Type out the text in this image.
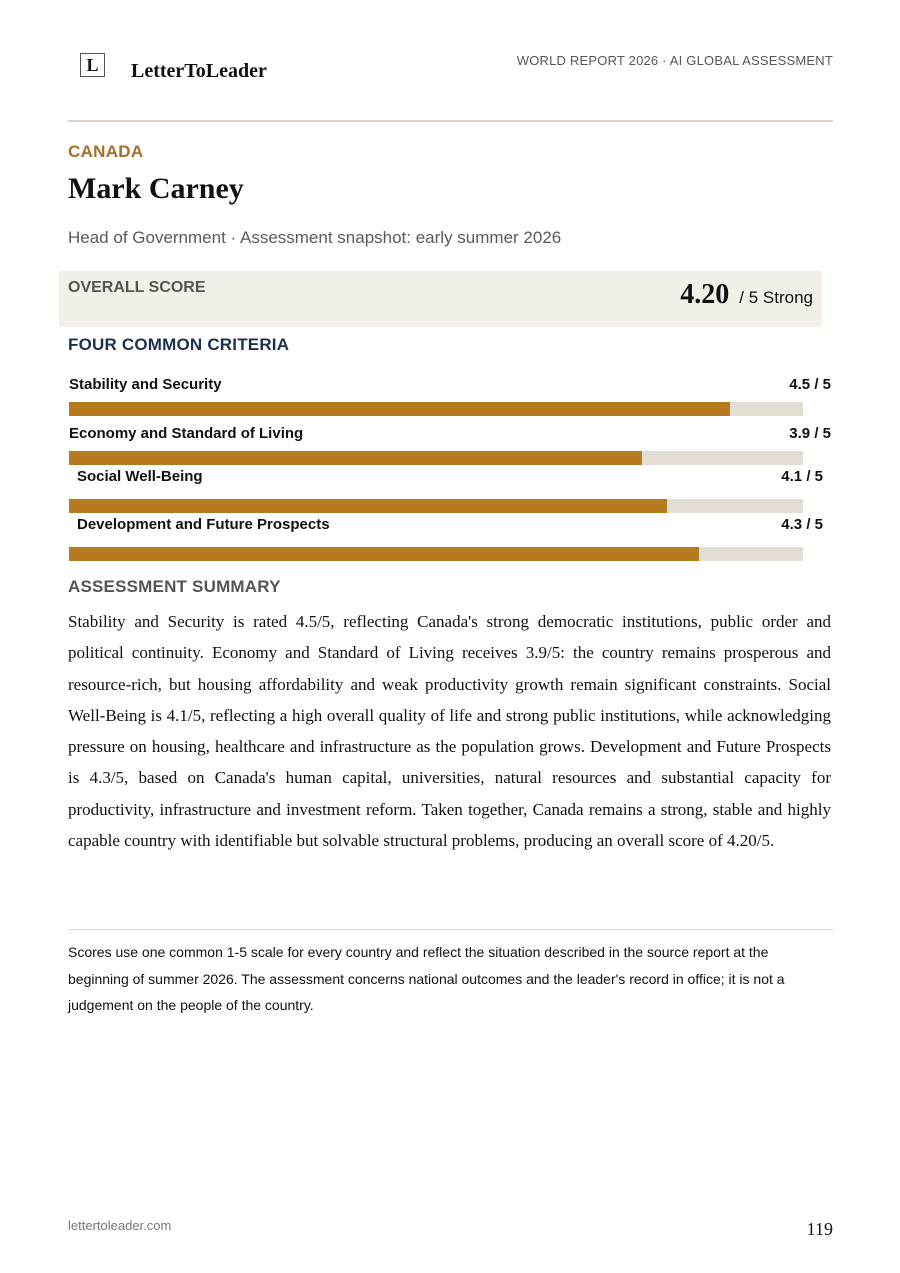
L	LetterToLeader	WORLD REPORT 2026 · AI GLOBAL ASSESSMENT
CANADA
Mark Carney
Head of Government · Assessment snapshot: early summer 2026
OVERALL SCORE	4.20 / 5 Strong
FOUR COMMON CRITERIA
Stability and Security	4.5 / 5
Economy and Standard of Living	3.9 / 5
Social Well-Being	4.1 / 5
Development and Future Prospects	4.3 / 5
ASSESSMENT SUMMARY

Stability and Security is rated 4.5/5, reflecting Canada's strong democratic institutions, public order and political continuity. Economy and Standard of Living receives 3.9/5: the country remains prosperous and resource-rich, but housing affordability and weak productivity growth remain significant constraints. Social Well-Being is 4.1/5, reflecting a high overall quality of life and strong public institutions, while acknowledging pressure on housing, healthcare and infrastructure as the population grows. Development and Future Prospects is 4.3/5, based on Canada's human capital, universities, natural resources and substantial capacity for productivity, infrastructure and investment reform. Taken together, Canada remains a strong, stable and highly capable country with identifiable but solvable structural problems, producing an overall score of 4.20/5.

Scores use one common 1-5 scale for every country and reflect the situation described in the source report at the beginning of summer 2026. The assessment concerns national outcomes and the leader's record in office; it is not a judgement on the people of the country.

lettertoleader.com	119
